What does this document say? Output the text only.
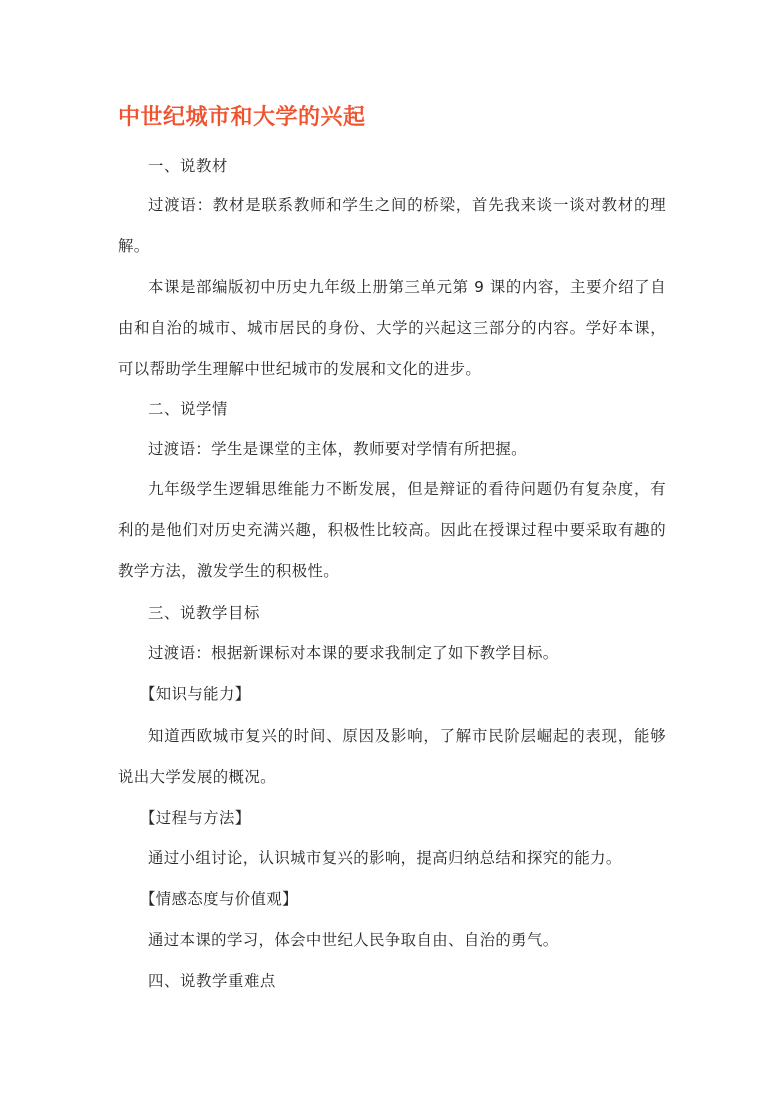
中世纪城市和大学的兴起

一、说教材

过渡语：教材是联系教师和学生之间的桥梁，首先我来谈一谈对教材的理解。

本课是部编版初中历史九年级上册第三单元第 9 课的内容，主要介绍了自由和自治的城市、城市居民的身份、大学的兴起这三部分的内容。学好本课，可以帮助学生理解中世纪城市的发展和文化的进步。

二、说学情

过渡语：学生是课堂的主体，教师要对学情有所把握。

九年级学生逻辑思维能力不断发展，但是辩证的看待问题仍有复杂度，有利的是他们对历史充满兴趣，积极性比较高。因此在授课过程中要采取有趣的教学方法，激发学生的积极性。

三、说教学目标

过渡语：根据新课标对本课的要求我制定了如下教学目标。

【知识与能力】

知道西欧城市复兴的时间、原因及影响，了解市民阶层崛起的表现，能够说出大学发展的概况。

【过程与方法】

通过小组讨论，认识城市复兴的影响，提高归纳总结和探究的能力。

【情感态度与价值观】

通过本课的学习，体会中世纪人民争取自由、自治的勇气。

四、说教学重难点
